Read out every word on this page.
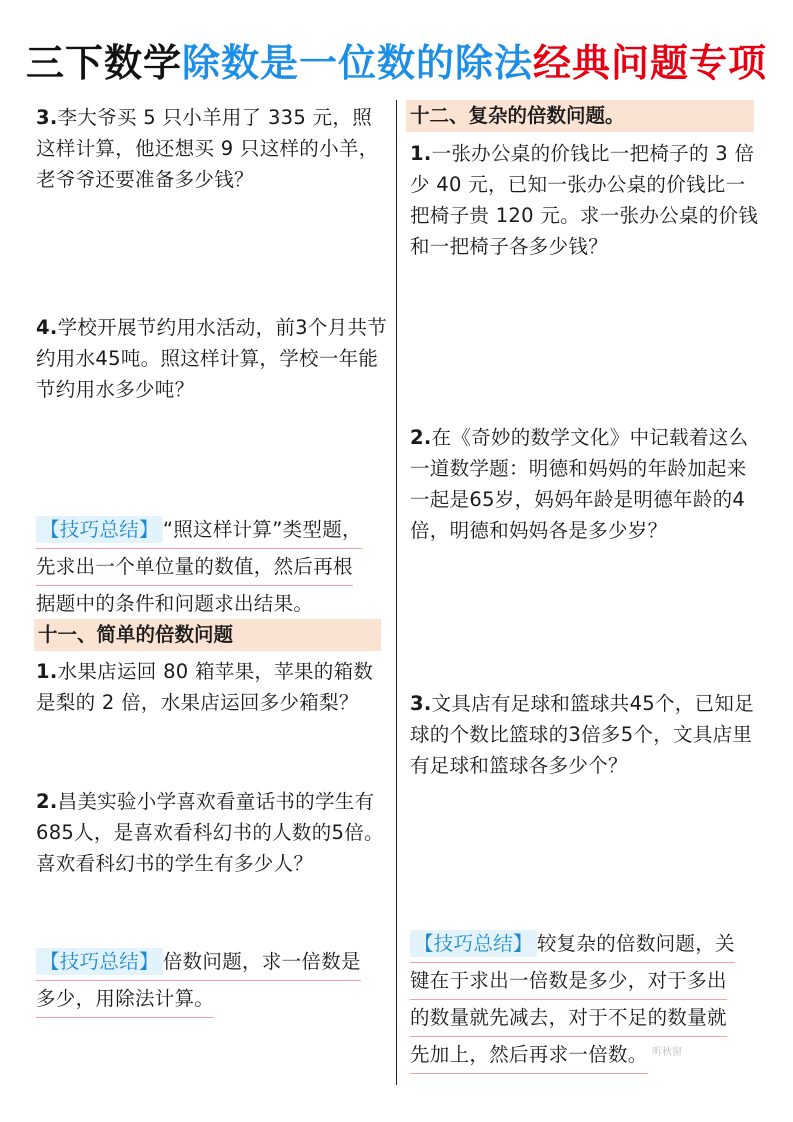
三下数学除数是一位数的除法经典问题专项

3.李大爷买 5 只小羊用了 335 元，照这样计算，他还想买 9 只这样的小羊，老爷爷还要准备多少钱？

4.学校开展节约用水活动，前3个月共节约用水45吨。照这样计算，学校一年能节约用水多少吨？

【技巧总结】 “照这样计算”类型题，
先求出一个单位量的数值，然后再根
据题中的条件和问题求出结果。
十一、简单的倍数问题

1.水果店运回 80 箱苹果，苹果的箱数是梨的 2 倍，水果店运回多少箱梨？

2.昌美实验小学喜欢看童话书的学生有685人，是喜欢看科幻书的人数的5倍。喜欢看科幻书的学生有多少人？

【技巧总结】 倍数问题，求一倍数是
多少，用除法计算。
十二、复杂的倍数问题。

1.一张办公桌的价钱比一把椅子的 3 倍少 40 元，已知一张办公桌的价钱比一把椅子贵 120 元。求一张办公桌的价钱和一把椅子各多少钱？

2.在《奇妙的数学文化》中记载着这么一道数学题：明德和妈妈的年龄加起来一起是65岁，妈妈年龄是明德年龄的4倍，明德和妈妈各是多少岁？

3.文具店有足球和篮球共45个，已知足球的个数比篮球的3倍多5个，文具店里有足球和篮球各多少个？

【技巧总结】 较复杂的倍数问题，关
键在于求出一倍数是多少，对于多出
的数量就先减去，对于不足的数量就
先加上，然后再求一倍数。 听秋窗
